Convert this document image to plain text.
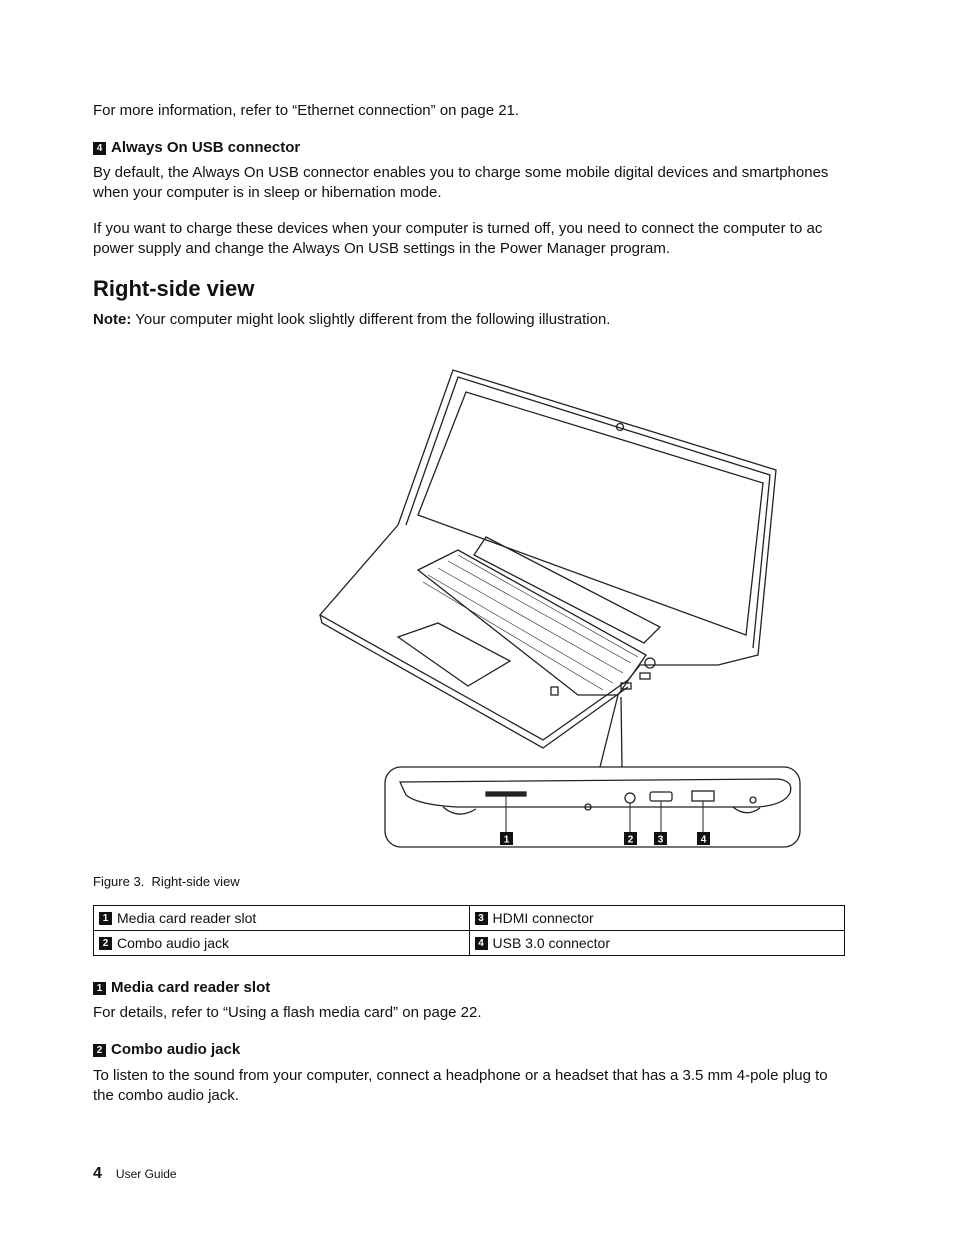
For more information, refer to “Ethernet connection” on page 21.

4 Always On USB connector

By default, the Always On USB connector enables you to charge some mobile digital devices and smartphones when your computer is in sleep or hibernation mode.

If you want to charge these devices when your computer is turned off, you need to connect the computer to ac power supply and change the Always On USB settings in the Power Manager program.

Right-side view

Note: Your computer might look slightly different from the following illustration.

1	2 3	4
Figure 3. Right-side view
1 Media card reader slot	3 HDMI connector

2 Combo audio jack	4 USB 3.0 connector
1 Media card reader slot

For details, refer to “Using a flash media card” on page 22.

2 Combo audio jack

To listen to the sound from your computer, connect a headphone or a headset that has a 3.5 mm 4-pole plug to the combo audio jack.

4 User Guide
